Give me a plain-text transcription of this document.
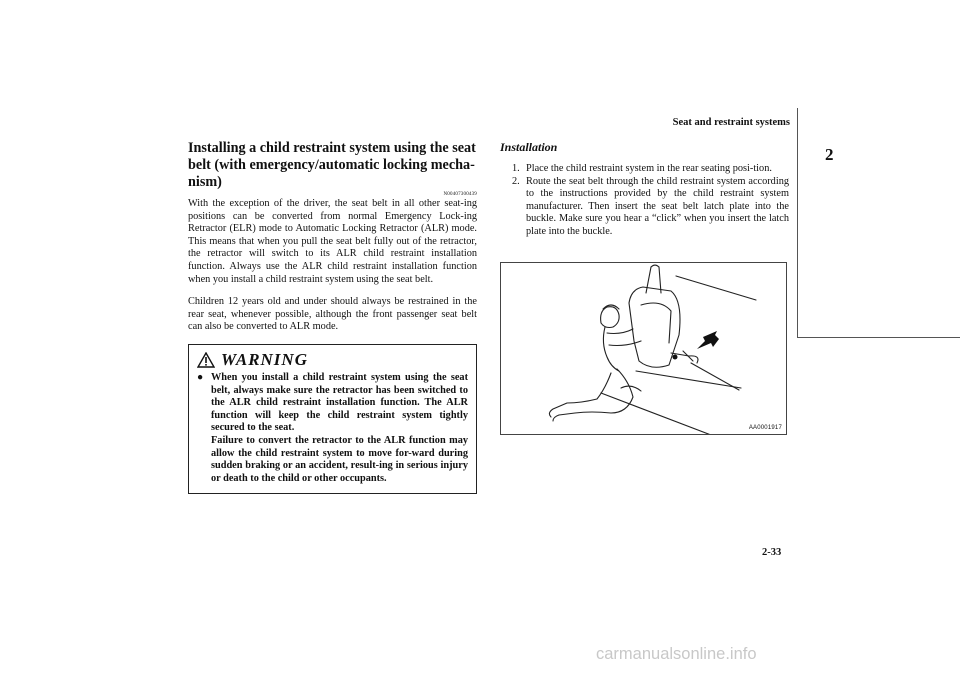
Seat and restraint systems
2
Installing a child restraint system using the seat belt (with emergency/automatic locking mecha-nism)
N00407300439

With the exception of the driver, the seat belt in all other seat-ing positions can be converted from normal Emergency Lock-ing Retractor (ELR) mode to Automatic Locking Retractor (ALR) mode. This means that when you pull the seat belt fully out of the retractor, the retractor will switch to its ALR child restraint installation function. Always use the ALR child restraint installation function when you install a child restraint system using the seat belt.

Children 12 years old and under should always be restrained in the rear seat, whenever possible, although the front passenger seat belt can also be converted to ALR mode.

WARNING
● When you install a child restraint system using the seat belt, always make sure the retractor has been switched to the ALR child restraint installation function. The ALR function will keep the child restraint system tightly secured to the seat.
Failure to convert the retractor to the ALR function may allow the child restraint system to move for-ward during sudden braking or an accident, result-ing in serious injury or death to the child or other occupants.
Installation
1. Place the child restraint system in the rear seating posi-tion.
2. Route the seat belt through the child restraint system according to the instructions provided by the child restraint system manufacturer. Then insert the seat belt latch plate into the buckle. Make sure you hear a “click” when you insert the latch plate into the buckle.
AA0001917
2-33
carmanualsonline.info
